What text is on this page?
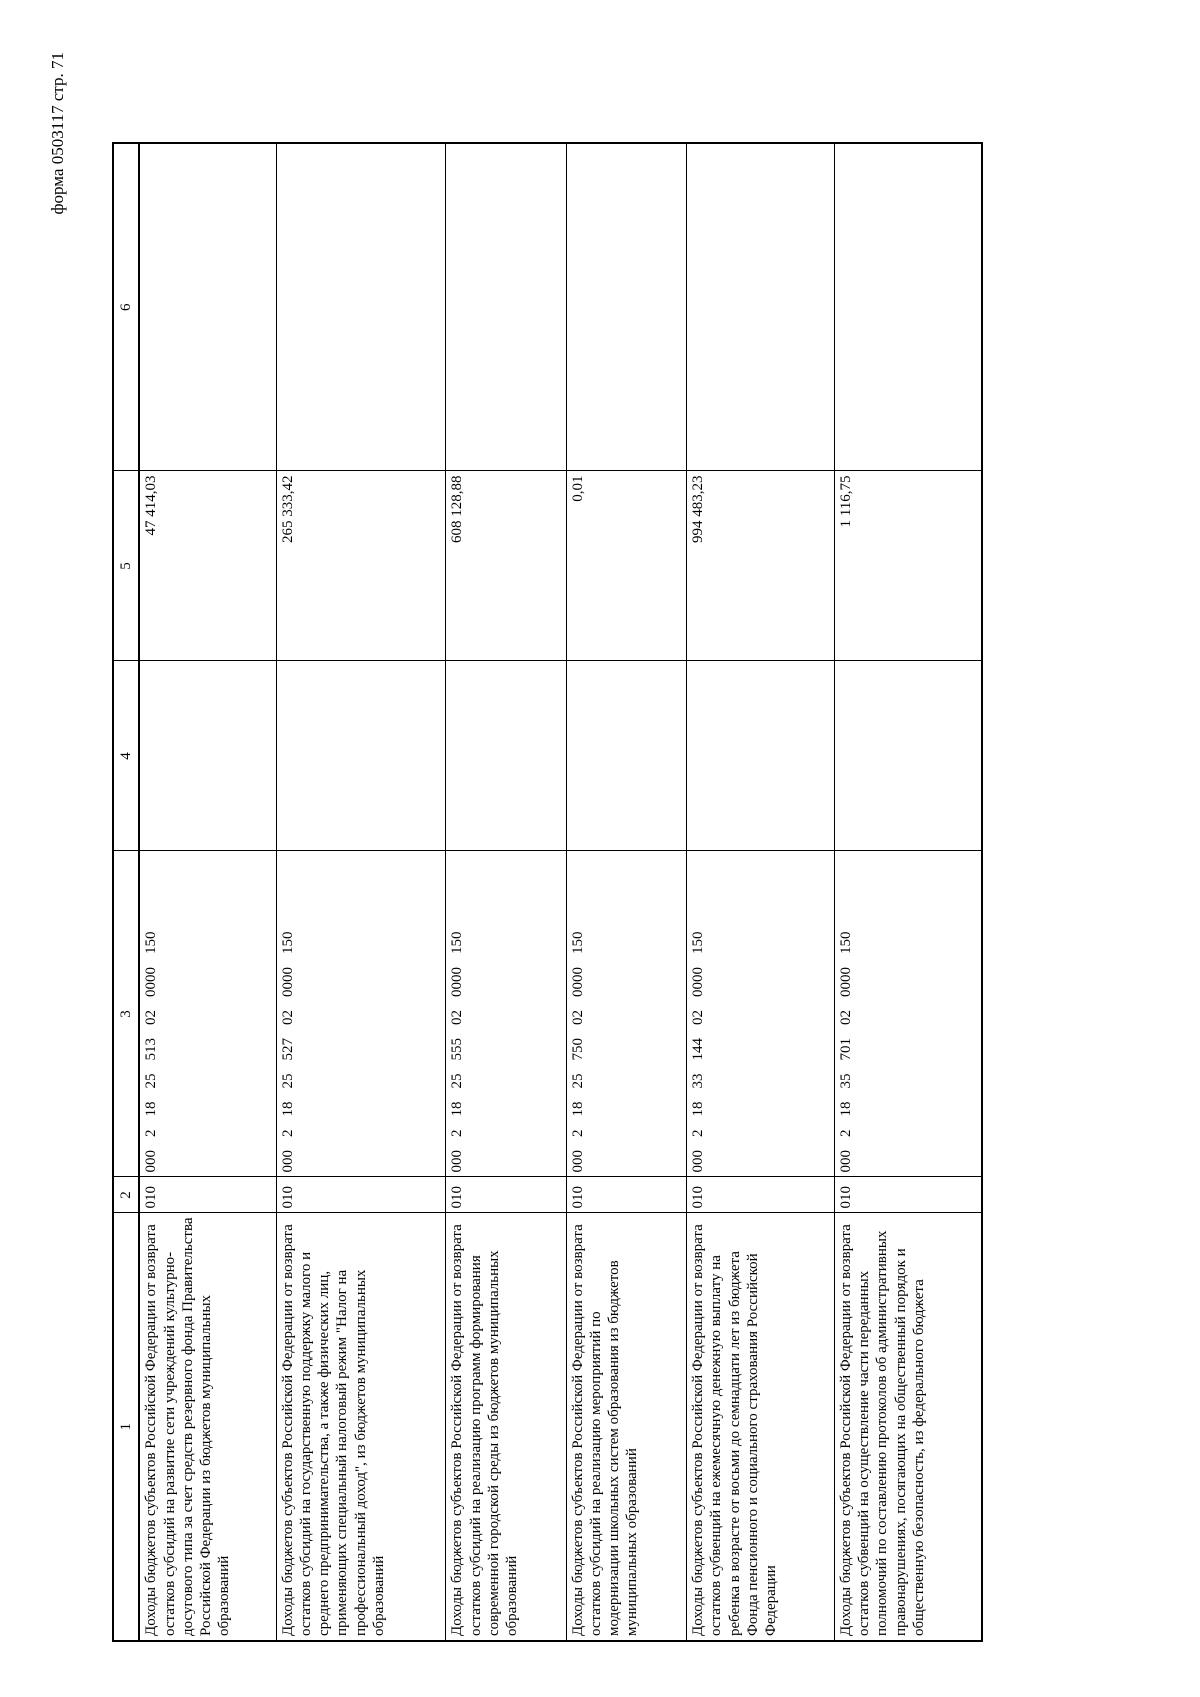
форма 0503117 стр. 71
1	2	3	4	5	6
Доходы бюджетов субъектов Российской Федерации от возврата остатков субсидий на развитие сети учреждений культурно-досугового типа за счет средств резервного фонда Правительства Российской Федерации из бюджетов муниципальных образований	010	00021825513020000150		47 414,03	
Доходы бюджетов субъектов Российской Федерации от возврата остатков субсидий на государственную поддержку малого и среднего предпринимательства, а также физических лиц, применяющих специальный налоговый режим "Налог на профессиональный доход", из бюджетов муниципальных образований	010	00021825527020000150		265 333,42	
Доходы бюджетов субъектов Российской Федерации от возврата остатков субсидий на реализацию программ формирования современной городской среды из бюджетов муниципальных образований	010	00021825555020000150		608 128,88	
Доходы бюджетов субъектов Российской Федерации от возврата остатков субсидий на реализацию мероприятий по модернизации школьных систем образования из бюджетов муниципальных образований	010	00021825750020000150		0,01	
Доходы бюджетов субъектов Российской Федерации от возврата остатков субвенций на ежемесячную денежную выплату на ребенка в возрасте от восьми до семнадцати лет из бюджета Фонда пенсионного и социального страхования Российской Федерации	010	00021833144020000150		994 483,23	
Доходы бюджетов субъектов Российской Федерации от возврата остатков субвенций на осуществление части переданных полномочий по составлению протоколов об административных правонарушениях, посягающих на общественный порядок и общественную безопасность, из федерального бюджета	010	00021835701020000150		1 116,75	
